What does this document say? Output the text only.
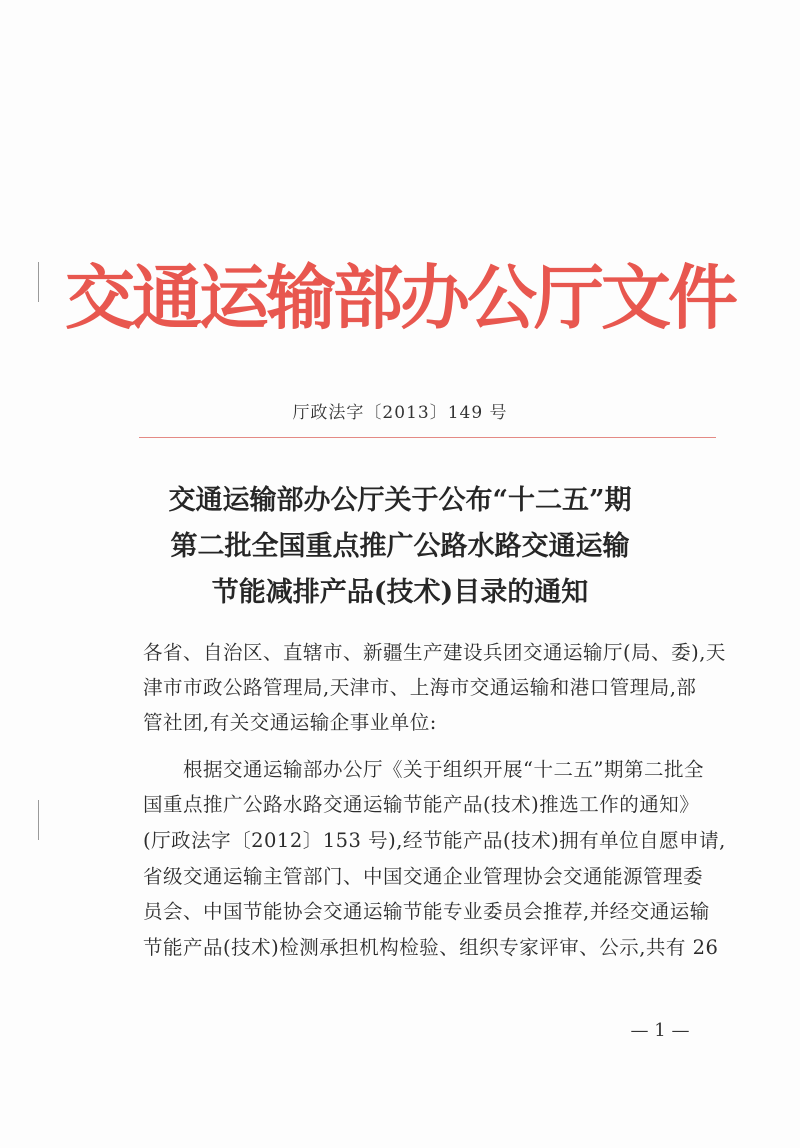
交通运输部办公厅文件
厅政法字〔2013〕149 号
交通运输部办公厅关于公布“十二五”期
第二批全国重点推广公路水路交通运输
节能减排产品(技术)目录的通知
各省、自治区、直辖市、新疆生产建设兵团交通运输厅(局、委),天
津市市政公路管理局,天津市、上海市交通运输和港口管理局,部
管社团,有关交通运输企事业单位:
根据交通运输部办公厅《关于组织开展“十二五”期第二批全
国重点推广公路水路交通运输节能产品(技术)推选工作的通知》
(厅政法字〔2012〕153 号),经节能产品(技术)拥有单位自愿申请,
省级交通运输主管部门、中国交通企业管理协会交通能源管理委
员会、中国节能协会交通运输节能专业委员会推荐,并经交通运输
节能产品(技术)检测承担机构检验、组织专家评审、公示,共有 26
— 1 —
